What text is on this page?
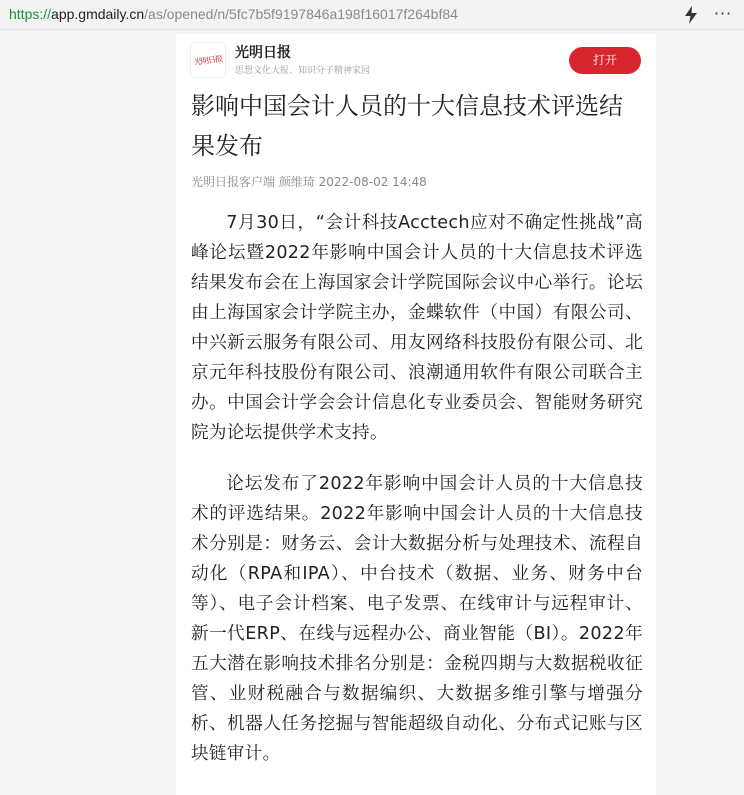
https://app.gmdaily.cn/as/opened/n/5fc7b5f9197846a198f16017f264bf84	···
光明日报 光明日报
思想文化大报、知识分子精神家园
打开
影响中国会计人员的十大信息技术评选结果发布
光明日报客户端 颜维琦 2022-08-02 14:48

7月30日，“会计科技Acctech应对不确定性挑战”高峰论坛暨2022年影响中国会计人员的十大信息技术评选结果发布会在上海国家会计学院国际会议中心举行。论坛由上海国家会计学院主办，金蝶软件（中国）有限公司、中兴新云服务有限公司、用友网络科技股份有限公司、北京元年科技股份有限公司、浪潮通用软件有限公司联合主办。中国会计学会会计信息化专业委员会、智能财务研究院为论坛提供学术支持。

论坛发布了2022年影响中国会计人员的十大信息技术的评选结果。2022年影响中国会计人员的十大信息技术分别是：财务云、会计大数据分析与处理技术、流程自动化（RPA和IPA）、中台技术（数据、业务、财务中台等）、电子会计档案、电子发票、在线审计与远程审计、新一代ERP、在线与远程办公、商业智能（BI）。2022年五大潜在影响技术排名分别是：金税四期与大数据税收征管、业财税融合与数据编织、大数据多维引擎与增强分析、机器人任务挖掘与智能超级自动化、分布式记账与区块链审计。
